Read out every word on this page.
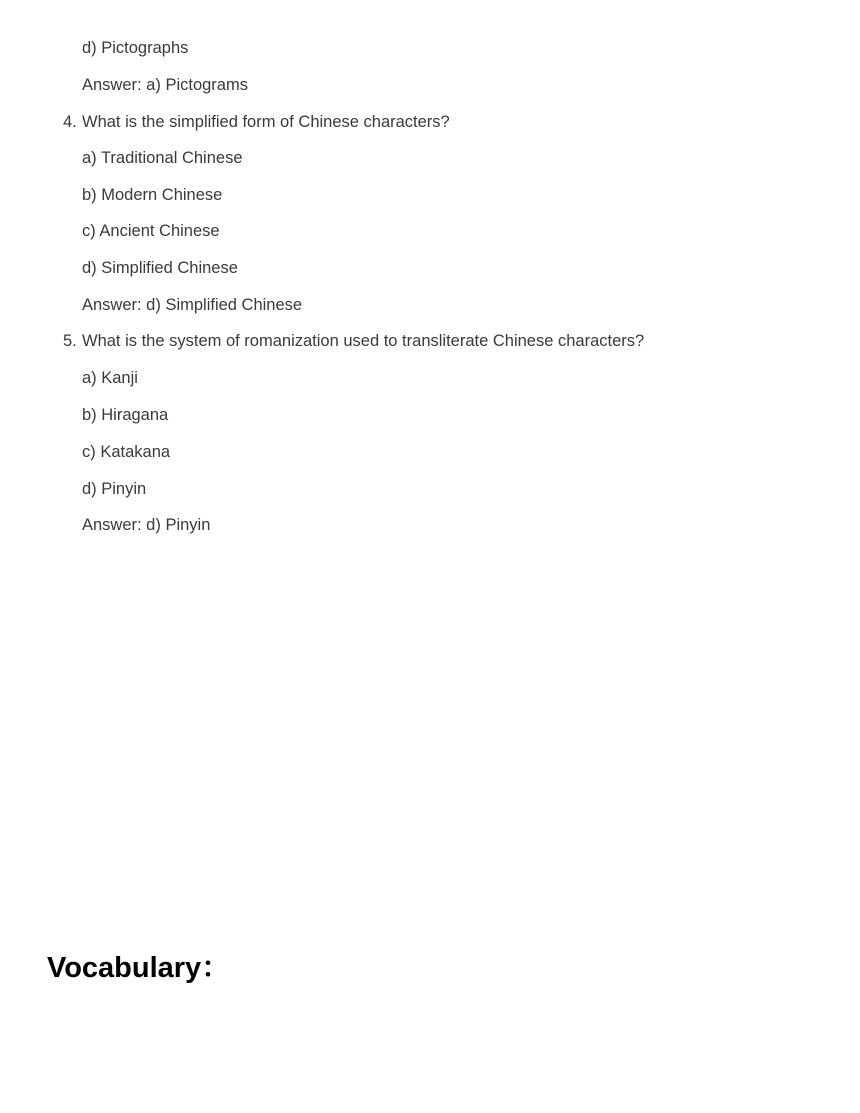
d) Pictographs

Answer: a) Pictograms

4. What is the simplified form of Chinese characters?

a) Traditional Chinese

b) Modern Chinese

c) Ancient Chinese

d) Simplified Chinese

Answer: d) Simplified Chinese

5. What is the system of romanization used to transliterate Chinese characters?

a) Kanji

b) Hiragana

c) Katakana

d) Pinyin

Answer: d) Pinyin

Vocabulary：
